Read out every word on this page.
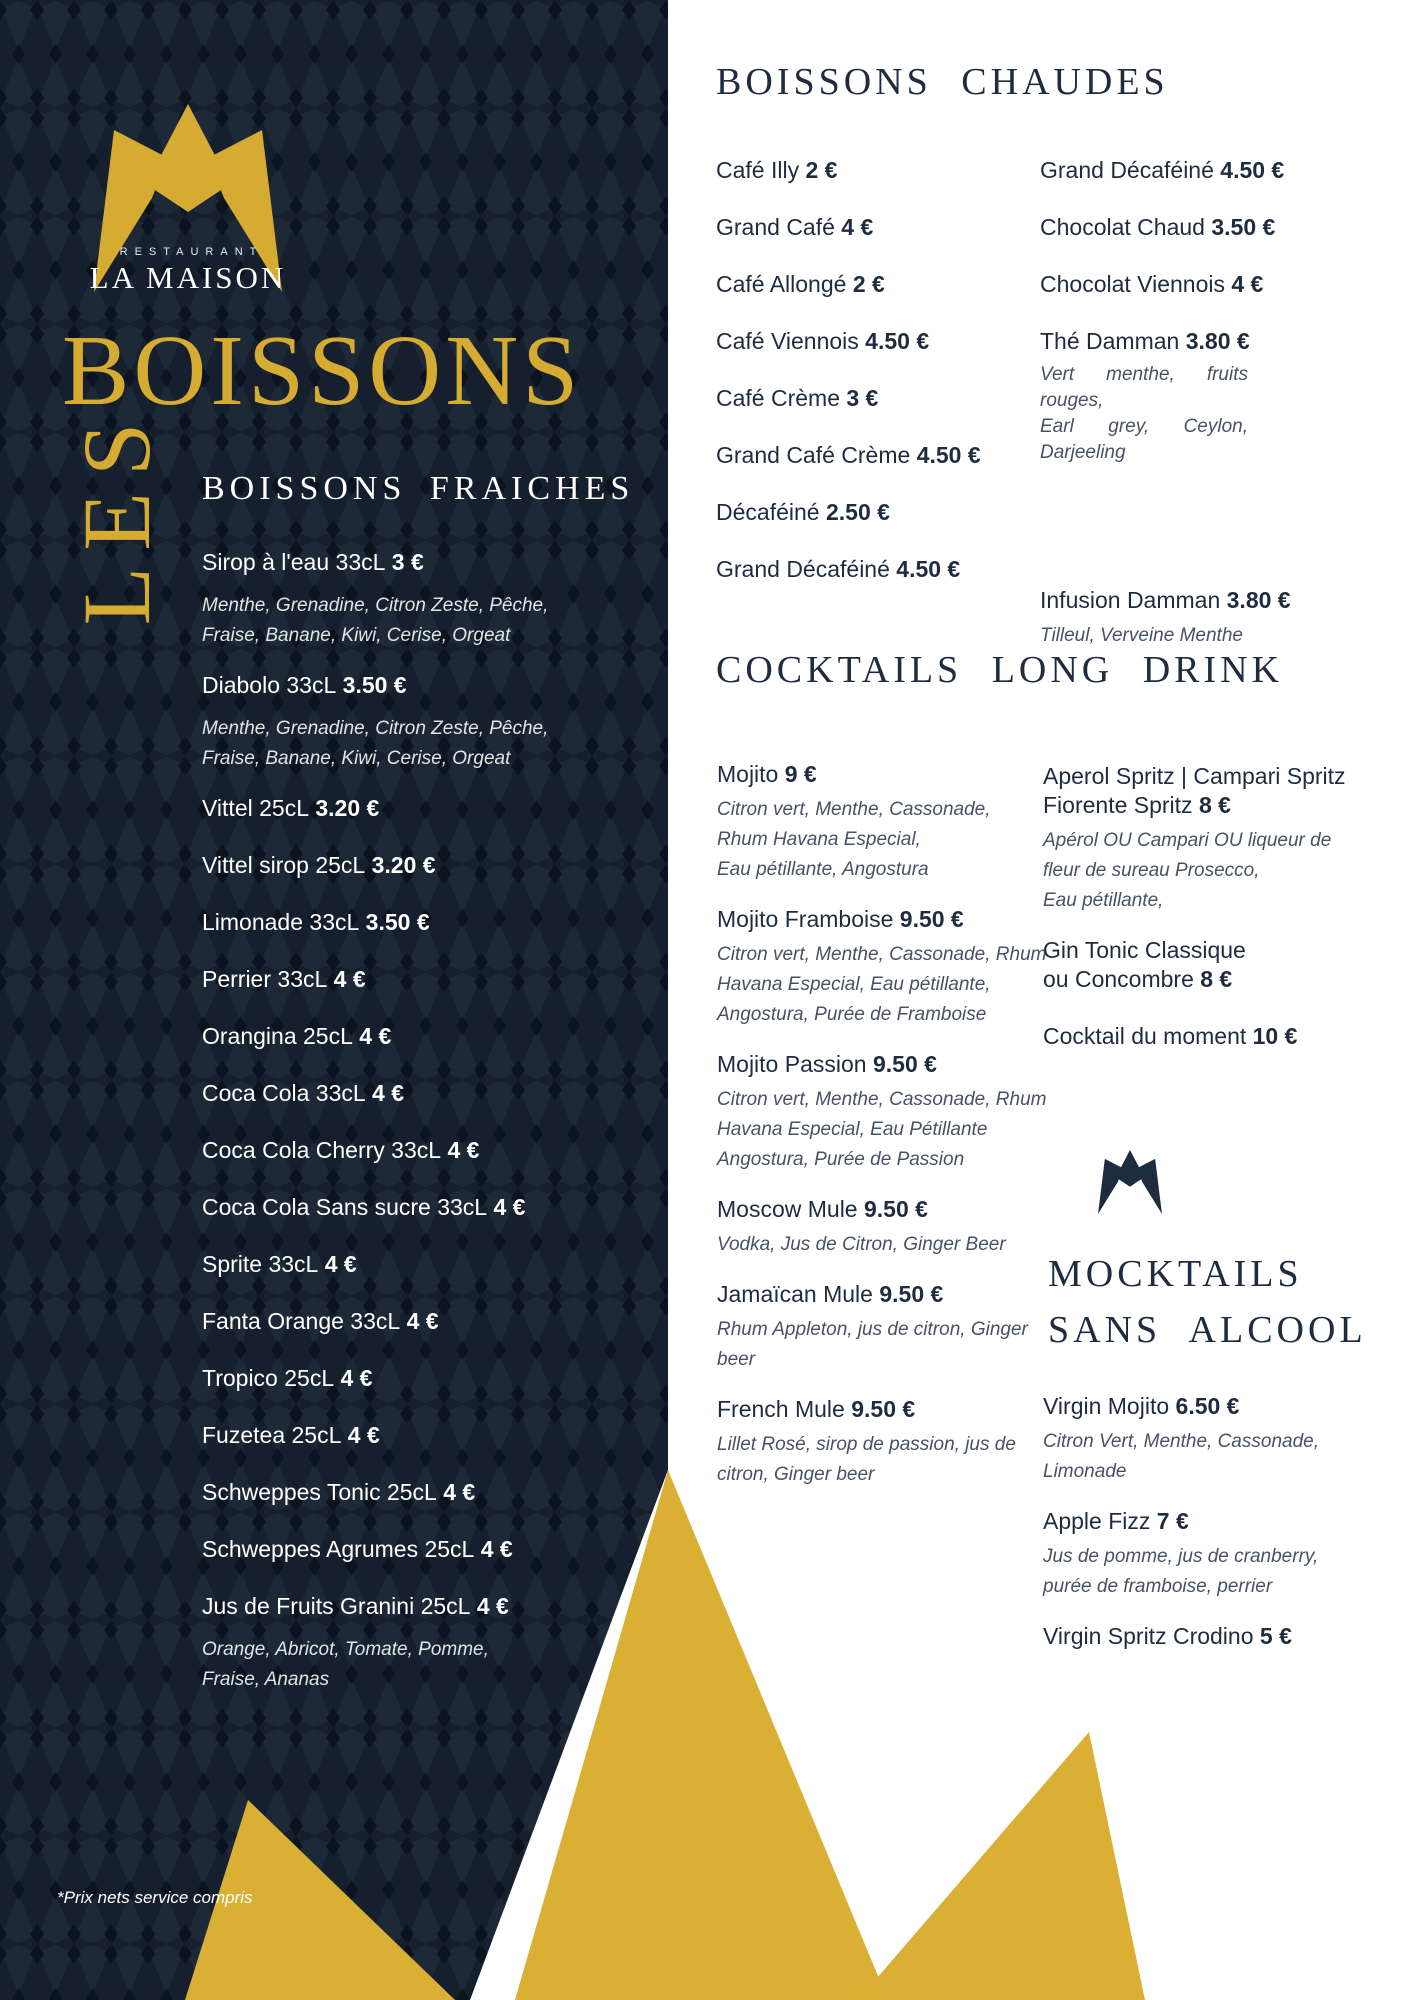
RESTAURANT
LA MAISON
BOISSONS
LES BOISSONS FRAICHES
Sirop à l'eau 33cL 3 €
Menthe, Grenadine, Citron Zeste, Pêche,
Fraise, Banane, Kiwi, Cerise, Orgeat
Diabolo 33cL 3.50 €
Menthe, Grenadine, Citron Zeste, Pêche,
Fraise, Banane, Kiwi, Cerise, Orgeat
Vittel 25cL 3.20 €
Vittel sirop 25cL 3.20 €
Limonade 33cL 3.50 €
Perrier 33cL 4 €
Orangina 25cL 4 €
Coca Cola 33cL 4 €
Coca Cola Cherry 33cL 4 €
Coca Cola Sans sucre 33cL 4 €
Sprite 33cL 4 €
Fanta Orange 33cL 4 €
Tropico 25cL 4 €
Fuzetea 25cL 4 €
Schweppes Tonic 25cL 4 €
Schweppes Agrumes 25cL 4 €
Jus de Fruits Granini 25cL 4 €
Orange, Abricot, Tomate, Pomme,
Fraise, Ananas
*Prix nets service compris
BOISSONS CHAUDES
Café Illy 2 €
Grand Café 4 €
Café Allongé 2 €
Café Viennois 4.50 €
Café Crème 3 €
Grand Café Crème 4.50 €
Décaféiné 2.50 €
Grand Décaféiné 4.50 €
Grand Décaféiné 4.50 €
Chocolat Chaud 3.50 €
Chocolat Viennois 4 €
Thé Damman 3.80 €
Vert menthe, fruits rouges,
Earl grey, Ceylon, Darjeeling
Infusion Damman 3.80 €
Tilleul, Verveine Menthe
COCKTAILS LONG DRINK
Mojito 9 €
Citron vert, Menthe, Cassonade,
Rhum Havana Especial,
Eau pétillante, Angostura
Mojito Framboise 9.50 €
Citron vert, Menthe, Cassonade, Rhum
Havana Especial, Eau pétillante,
Angostura, Purée de Framboise
Mojito Passion 9.50 €
Citron vert, Menthe, Cassonade, Rhum
Havana Especial, Eau Pétillante
Angostura, Purée de Passion
Moscow Mule 9.50 €
Vodka, Jus de Citron, Ginger Beer
Jamaïcan Mule 9.50 €
Rhum Appleton, jus de citron, Ginger
beer
French Mule 9.50 €
Lillet Rosé, sirop de passion, jus de
citron, Ginger beer
Aperol Spritz | Campari Spritz
Fiorente Spritz 8 €
Apérol OU Campari OU liqueur de
fleur de sureau Prosecco,
Eau pétillante,
Gin Tonic Classique
ou Concombre 8 €
Cocktail du moment 10 €
MOCKTAILS
SANS ALCOOL
Virgin Mojito 6.50 €
Citron Vert, Menthe, Cassonade,
Limonade
Apple Fizz 7 €
Jus de pomme, jus de cranberry,
purée de framboise, perrier
Virgin Spritz Crodino 5 €
